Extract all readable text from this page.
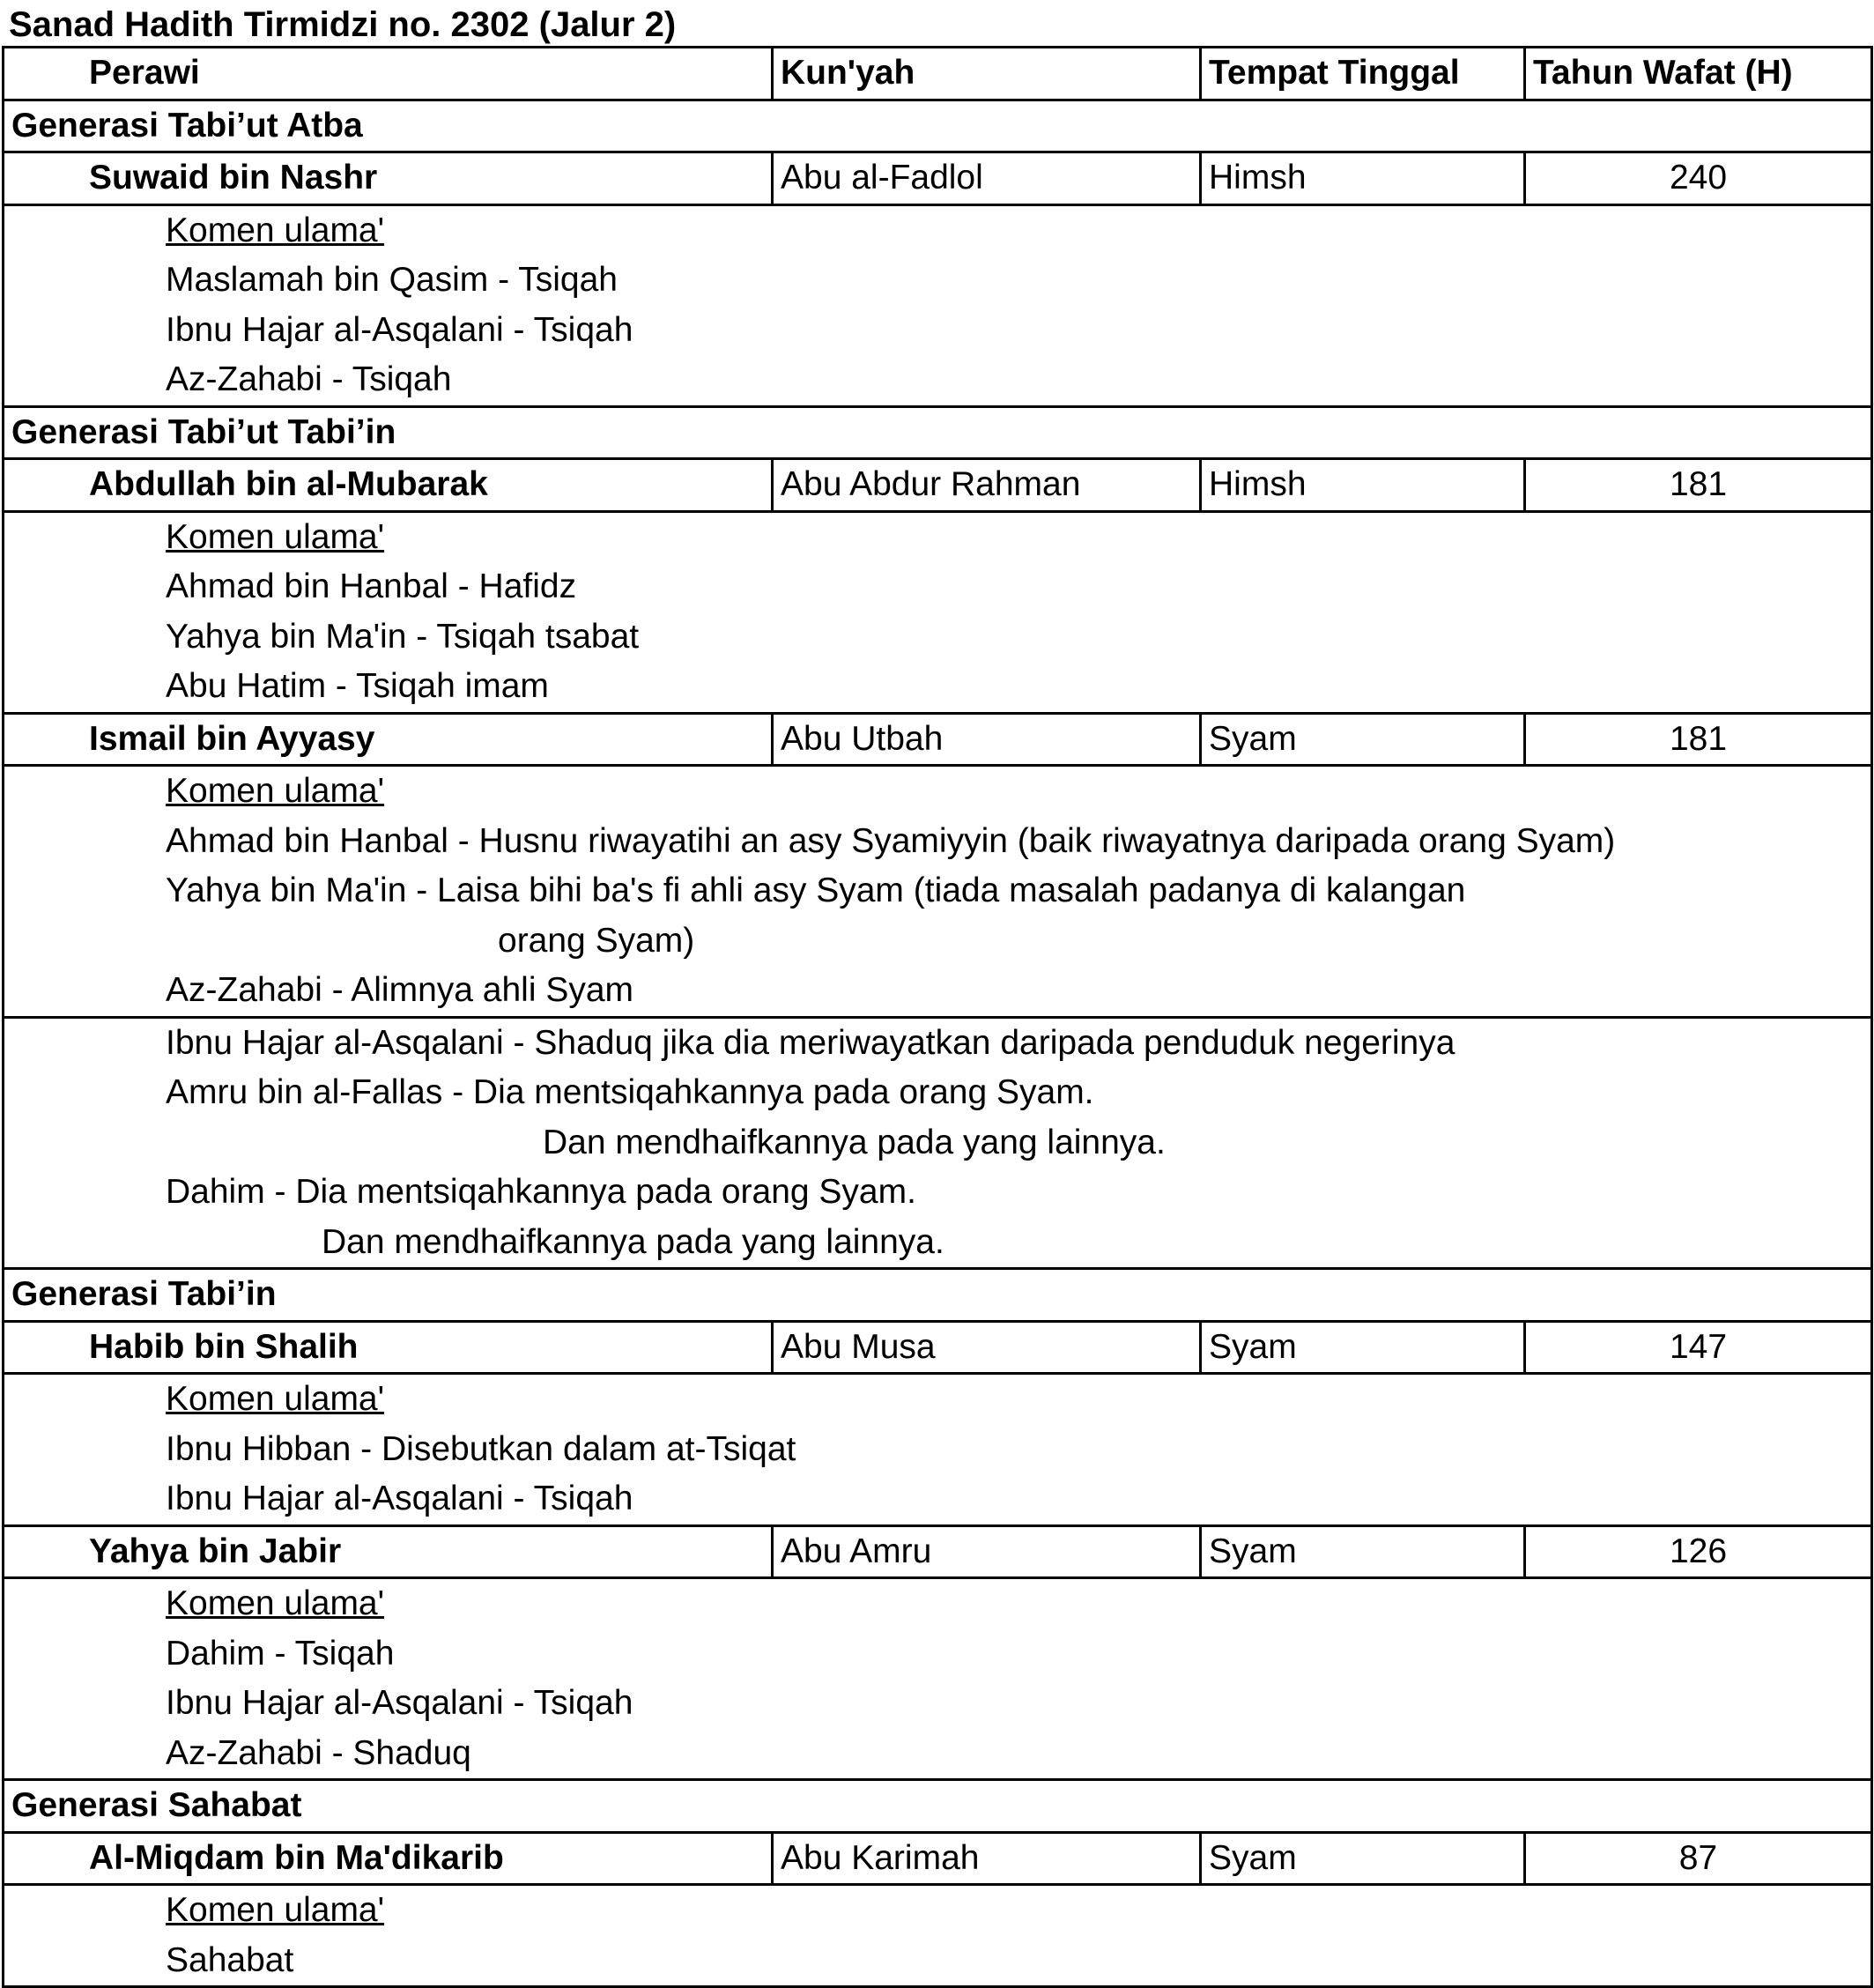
Sanad Hadith Tirmidzi no. 2302 (Jalur 2)
Perawi	Kun'yah	Tempat Tinggal	Tahun Wafat (H)
Generasi Tabi’ut Atba			
Suwaid bin Nashr	Abu al-Fadlol	Himsh	240
Komen ulama'			
Maslamah bin Qasim - Tsiqah			
Ibnu Hajar al-Asqalani - Tsiqah			
Az-Zahabi - Tsiqah			
Generasi Tabi’ut Tabi’in			
Abdullah bin al-Mubarak	Abu Abdur Rahman	Himsh	181
Komen ulama'			
Ahmad bin Hanbal - Hafidz			
Yahya bin Ma'in - Tsiqah tsabat			
Abu Hatim - Tsiqah imam			
Ismail bin Ayyasy	Abu Utbah	Syam	181
Komen ulama'			
Ahmad bin Hanbal - Husnu riwayatihi an asy Syamiyyin (baik riwayatnya daripada orang Syam)			
Yahya bin Ma'in - Laisa bihi ba's fi ahli asy Syam (tiada masalah padanya di kalangan			
orang Syam)			
Az-Zahabi - Alimnya ahli Syam			
Ibnu Hajar al-Asqalani - Shaduq jika dia meriwayatkan daripada penduduk negerinya			
Amru bin al-Fallas - Dia mentsiqahkannya pada orang Syam.			
Dan mendhaifkannya pada yang lainnya.			
Dahim - Dia mentsiqahkannya pada orang Syam.			
Dan mendhaifkannya pada yang lainnya.			
Generasi Tabi’in			
Habib bin Shalih	Abu Musa	Syam	147
Komen ulama'			
Ibnu Hibban - Disebutkan dalam at-Tsiqat			
Ibnu Hajar al-Asqalani - Tsiqah			
Yahya bin Jabir	Abu Amru	Syam	126
Komen ulama'			
Dahim - Tsiqah			
Ibnu Hajar al-Asqalani - Tsiqah			
Az-Zahabi - Shaduq			
Generasi Sahabat			
Al-Miqdam bin Ma'dikarib	Abu Karimah	Syam	87
Komen ulama'			
Sahabat			
